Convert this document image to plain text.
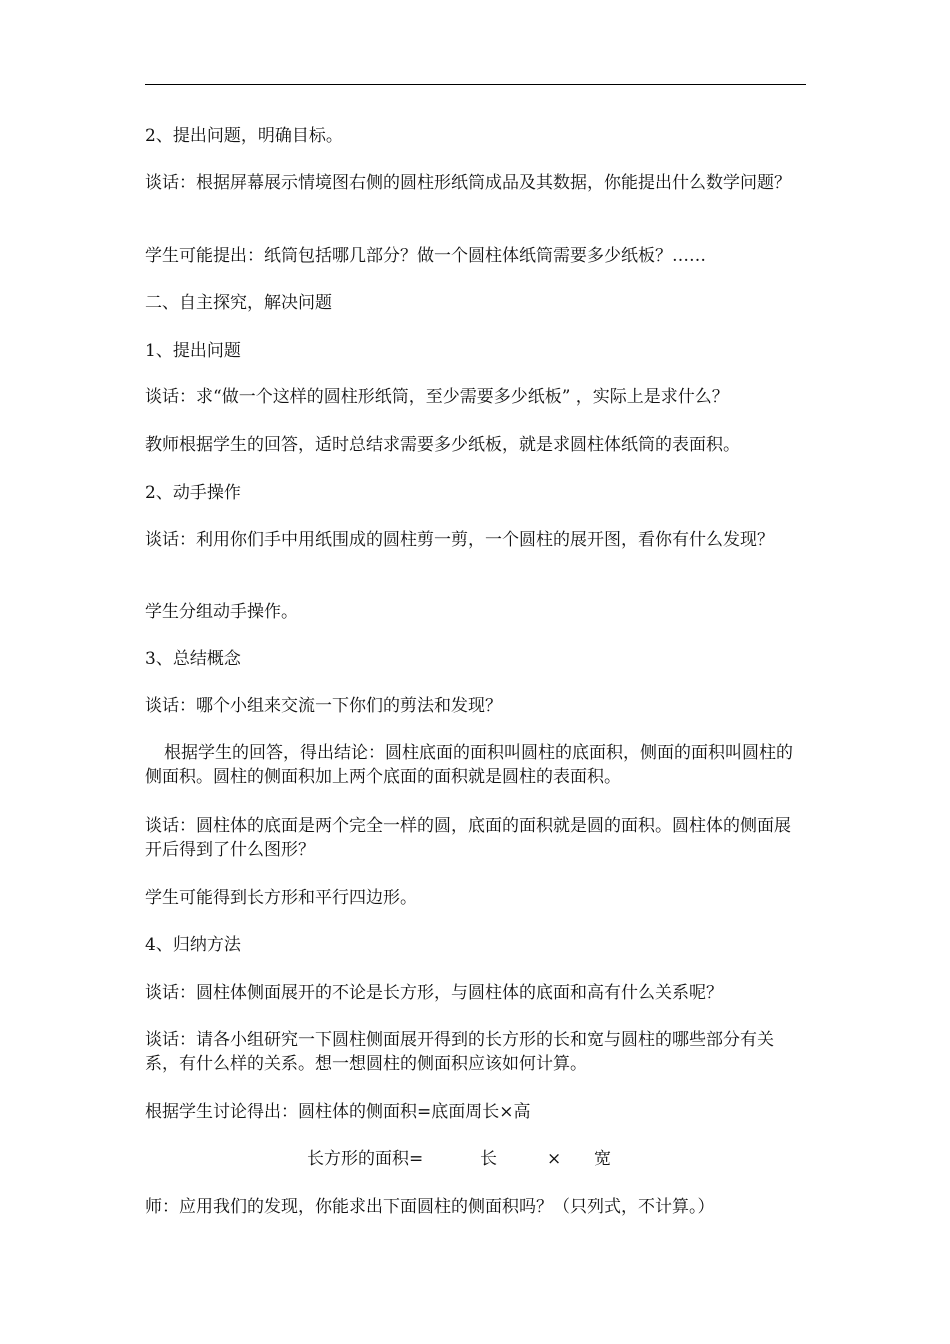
2、提出问题，明确目标。

谈话：根据屏幕展示情境图右侧的圆柱形纸筒成品及其数据，你能提出什么数学问题？

学生可能提出：纸筒包括哪几部分？做一个圆柱体纸筒需要多少纸板？……

二、自主探究，解决问题

1、提出问题

谈话：求“做一个这样的圆柱形纸筒，至少需要多少纸板” ，实际上是求什么？

教师根据学生的回答，适时总结求需要多少纸板，就是求圆柱体纸筒的表面积。

2、动手操作

谈话：利用你们手中用纸围成的圆柱剪一剪，一个圆柱的展开图，看你有什么发现？

学生分组动手操作。

3、总结概念

谈话：哪个小组来交流一下你们的剪法和发现？

根据学生的回答，得出结论：圆柱底面的面积叫圆柱的底面积，侧面的面积叫圆柱的侧面积。圆柱的侧面积加上两个底面的面积就是圆柱的表面积。

谈话：圆柱体的底面是两个完全一样的圆，底面的面积就是圆的面积。圆柱体的侧面展开后得到了什么图形？

学生可能得到长方形和平行四边形。

4、归纳方法

谈话：圆柱体侧面展开的不论是长方形，与圆柱体的底面和高有什么关系呢？

谈话：请各小组研究一下圆柱侧面展开得到的长方形的长和宽与圆柱的哪些部分有关系，有什么样的关系。想一想圆柱的侧面积应该如何计算。

根据学生讨论得出：圆柱体的侧面积=底面周长×高

长方形的面积=	长	× 宽

师：应用我们的发现，你能求出下面圆柱的侧面积吗？（只列式，不计算。）
